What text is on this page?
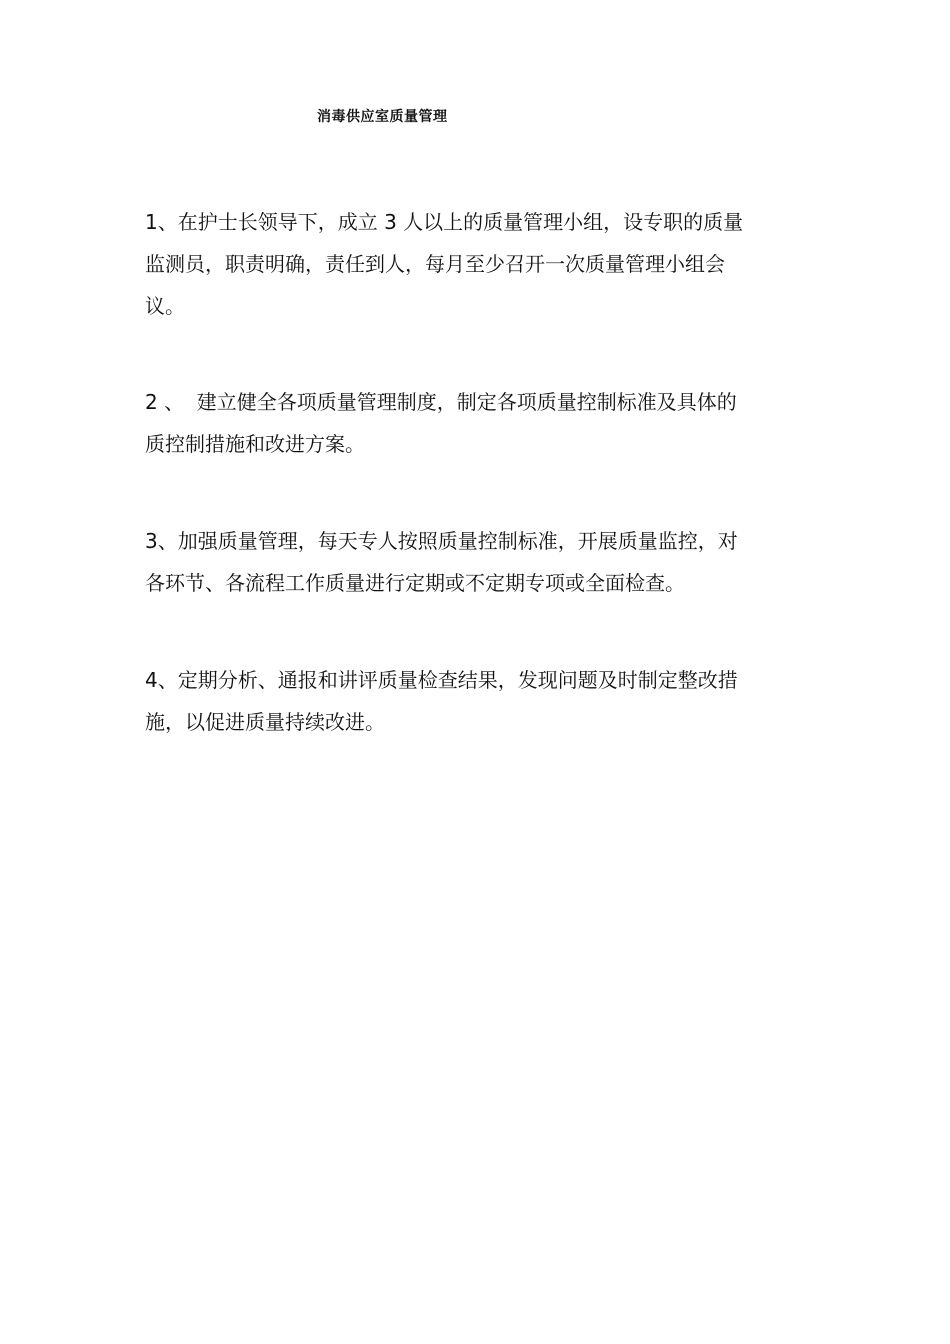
消毒供应室质量管理

1、在护士长领导下，成立 3 人以上的质量管理小组，设专职的质量
监测员，职责明确，责任到人，每月至少召开一次质量管理小组会
议。

2 、  建立健全各项质量管理制度，制定各项质量控制标准及具体的
质控制措施和改进方案。

3、加强质量管理，每天专人按照质量控制标准，开展质量监控，对
各环节、各流程工作质量进行定期或不定期专项或全面检查。

4、定期分析、通报和讲评质量检查结果，发现问题及时制定整改措
施，以促进质量持续改进。
